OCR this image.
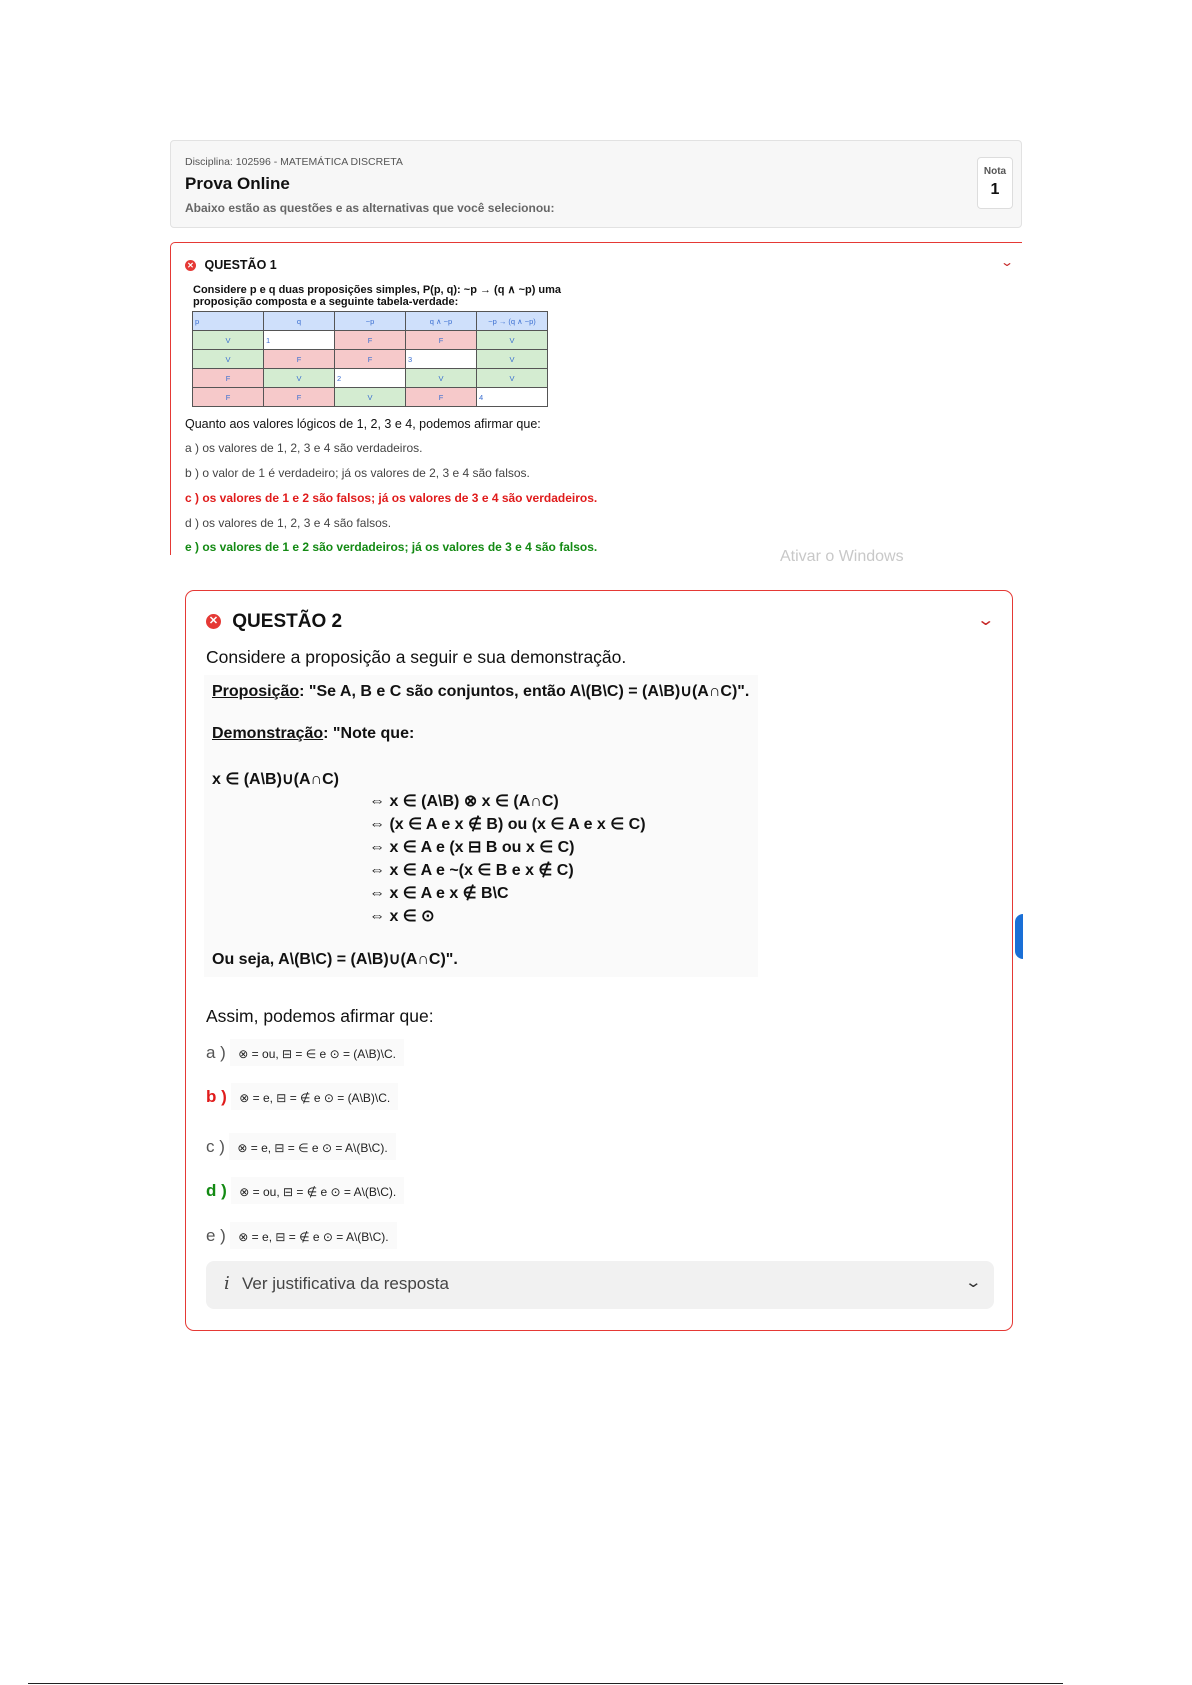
Disciplina: 102596 - MATEMÁTICA DISCRETA
Prova Online
Abaixo estão as questões e as alternativas que você selecionou:
Nota
1
✕ QUESTÃO 1	⌄
Considere p e q duas proposições simples, P(p, q): ~p → (q ∧ ~p) uma proposição composta e a seguinte tabela-verdade:
p	q	~p	q ∧ ~p	~p → (q ∧ ~p)
V	1	F	F	V
V	F	F	3	V
F	V	2	V	V
F	F	V	F	4
Quanto aos valores lógicos de 1, 2, 3 e 4, podemos afirmar que:
a ) os valores de 1, 2, 3 e 4 são verdadeiros.
b ) o valor de 1 é verdadeiro; já os valores de 2, 3 e 4 são falsos.
c ) os valores de 1 e 2 são falsos; já os valores de 3 e 4 são verdadeiros.
d ) os valores de 1, 2, 3 e 4 são falsos.
e ) os valores de 1 e 2 são verdadeiros; já os valores de 3 e 4 são falsos.
Ativar o Windows
✕ QUESTÃO 2	⌄
Considere a proposição a seguir e sua demonstração.
Proposição: "Se A, B e C são conjuntos, então A\(B\C) = (A\B)∪(A∩C)".
Demonstração: "Note que:
x ∈ (A\B)∪(A∩C)
⇔ x ∈ (A\B) ⊗ x ∈ (A∩C)
⇔ (x ∈ A e x ∉ B) ou (x ∈ A e x ∈ C)
⇔ x ∈ A e (x ⊟ B ou x ∈ C)
⇔ x ∈ A e ~(x ∈ B e x ∉ C)
⇔ x ∈ A e x ∉ B\C
⇔ x ∈ ⊙
Ou seja, A\(B\C) = (A\B)∪(A∩C)".
Assim, podemos afirmar que:
a ) ⊗ = ou, ⊟ = ∈ e ⊙ = (A\B)\C.
b ) ⊗ = e, ⊟ = ∉ e ⊙ = (A\B)\C.
c ) ⊗ = e, ⊟ = ∈ e ⊙ = A\(B\C).
d ) ⊗ = ou, ⊟ = ∉ e ⊙ = A\(B\C).
e ) ⊗ = e, ⊟ = ∉ e ⊙ = A\(B\C).
i Ver justificativa da resposta	⌄
